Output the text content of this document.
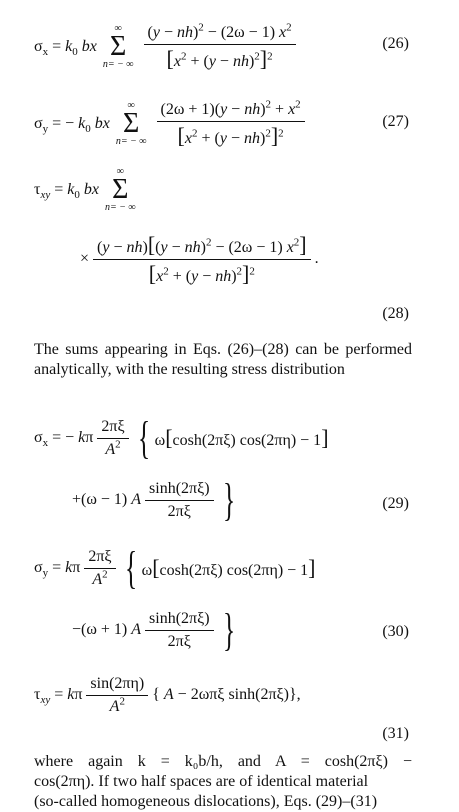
$\sigma_x = k_0$ bx
∞
Σ
n= − ∞ $\frac{(y - nh)^2 - (2\omega - 1) x^2}{[x^2 + (y - nh)^2]^2}$	(26)
$\sigma_y$ = − $k_0$ bx
∞
Σ
n= − ∞ $\frac{(2\omega + 1)(y - nh)^2 + x^2}{[x^2 + (y - nh)^2]^2}$	(27)
$\tau_{xy} = k_0$ bx
∞
Σ
n= − ∞
× $\frac{(y - nh)[(y - nh)^2 - (2\omega - 1) x^2]}{[x^2 + (y - nh)^2]^2}$ .
(28)
The sums appearing in Eqs. (26)–(28) can be performed analytically, with the resulting stress distribution
$\sigma_x$ = − kπ $\frac{2\pi\xi}{A^2}$ { ω[cosh(2πξ) cos(2πη) − 1]
+(ω − 1) A $\frac{\sinh(2\pi\xi)}{2\pi\xi}$ }	(29)
$\sigma_y = k\pi \frac{2\pi\xi}{A^2}$ { ω[cosh(2πξ) cos(2πη) − 1]
−(ω + 1) A $\frac{\sinh(2\pi\xi)}{2\pi\xi}$ }	(30)
$\tau_{xy} = k\pi \frac{\sin(2\pi\eta)}{A^2}$ { A − 2ωπξ sinh(2πξ)},
(31)
where again k = k₀b/h, and A = cosh(2πξ) −
cos(2πη). If two half spaces are of identical material
(so-called homogeneous dislocations), Eqs. (29)–(31)
